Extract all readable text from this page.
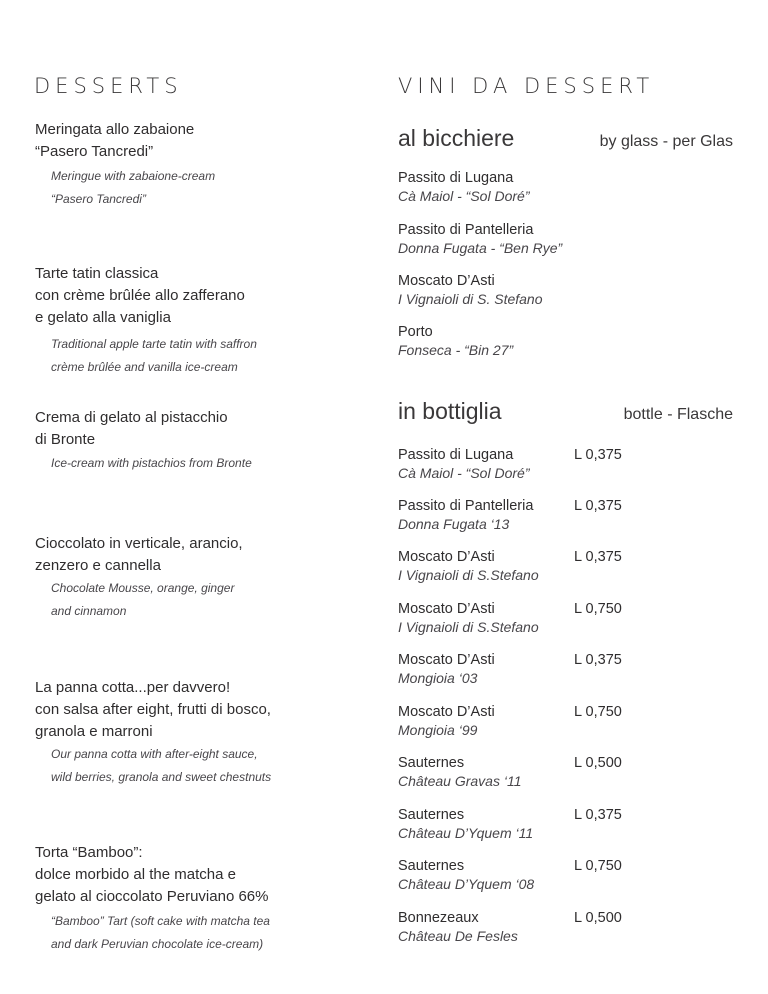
DESSERTS	VINI DA DESSERT
Meringata allo zabaione
“Pasero Tancredi”
Meringue with zabaione-cream
“Pasero Tancredi”
Tarte tatin classica
con crème brûlée allo zafferano
e gelato alla vaniglia
Traditional apple tarte tatin with saffron
crème brûlée and vanilla ice-cream
Crema di gelato al pistacchio
di Bronte
Ice-cream with pistachios from Bronte
Cioccolato in verticale, arancio,
zenzero e cannella
Chocolate Mousse, orange, ginger
and cinnamon
La panna cotta...per davvero!
con salsa after eight, frutti di bosco,
granola e marroni
Our panna cotta with after-eight sauce,
wild berries, granola and sweet chestnuts
Torta “Bamboo”:
dolce morbido al the matcha e
gelato al cioccolato Peruviano 66%
“Bamboo” Tart (soft cake with matcha tea
and dark Peruvian chocolate ice-cream)
al bicchiere	by glass - per Glas
Passito di Lugana
Cà Maiol - “Sol Doré”
Passito di Pantelleria
Donna Fugata - “Ben Rye”
Moscato D’Asti
I Vignaioli di S. Stefano
Porto
Fonseca - “Bin 27”
in bottiglia	bottle - Flasche
Passito di Lugana
Cà Maiol - “Sol Doré”
L 0,375
Passito di Pantelleria
Donna Fugata ‘13
L 0,375
Moscato D’Asti
I Vignaioli di S.Stefano
L 0,375
Moscato D’Asti
I Vignaioli di S.Stefano
L 0,750
Moscato D’Asti
Mongioia ‘03
L 0,375
Moscato D’Asti
Mongioia ‘99
L 0,750
Sauternes
Château Gravas ‘11
L 0,500
Sauternes
Château D’Yquem ‘11
L 0,375
Sauternes
Château D’Yquem ‘08
L 0,750
Bonnezeaux
Château De Fesles
L 0,500
